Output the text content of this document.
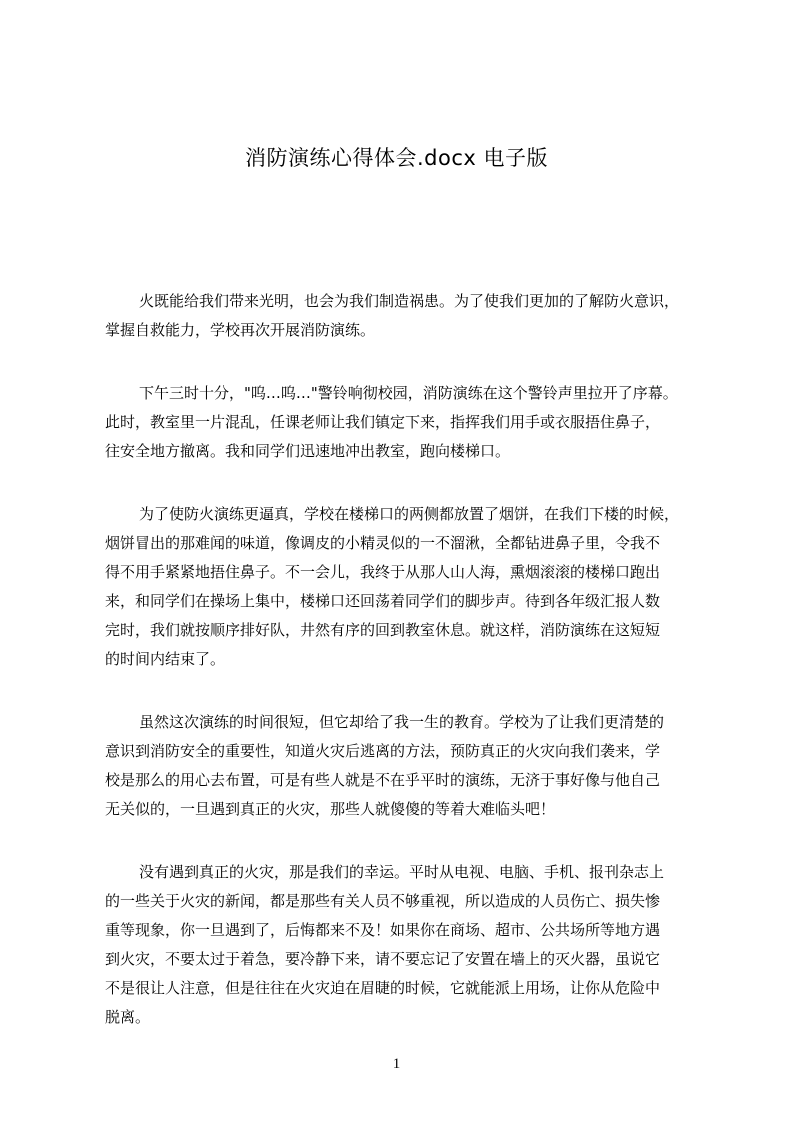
消防演练心得体会.docx 电子版

火既能给我们带来光明，也会为我们制造祸患。为了使我们更加的了解防火意识，
掌握自救能力，学校再次开展消防演练。

下午三时十分，"呜…呜…"警铃响彻校园，消防演练在这个警铃声里拉开了序幕。
此时，教室里一片混乱，任课老师让我们镇定下来，指挥我们用手或衣服捂住鼻子，
往安全地方撤离。我和同学们迅速地冲出教室，跑向楼梯口。

为了使防火演练更逼真，学校在楼梯口的两侧都放置了烟饼，在我们下楼的时候，
烟饼冒出的那难闻的味道，像调皮的小精灵似的一不溜湫，全都钻进鼻子里，令我不
得不用手紧紧地捂住鼻子。不一会儿，我终于从那人山人海，熏烟滚滚的楼梯口跑出
来，和同学们在操场上集中，楼梯口还回荡着同学们的脚步声。待到各年级汇报人数
完时，我们就按顺序排好队，井然有序的回到教室休息。就这样，消防演练在这短短
的时间内结束了。

虽然这次演练的时间很短，但它却给了我一生的教育。学校为了让我们更清楚的
意识到消防安全的重要性，知道火灾后逃离的方法，预防真正的火灾向我们袭来，学
校是那么的用心去布置，可是有些人就是不在乎平时的演练，无济于事好像与他自己
无关似的，一旦遇到真正的火灾，那些人就傻傻的等着大难临头吧！

没有遇到真正的火灾，那是我们的幸运。平时从电视、电脑、手机、报刊杂志上
的一些关于火灾的新闻，都是那些有关人员不够重视，所以造成的人员伤亡、损失惨
重等现象，你一旦遇到了，后悔都来不及！如果你在商场、超市、公共场所等地方遇
到火灾，不要太过于着急，要冷静下来，请不要忘记了安置在墙上的灭火器，虽说它
不是很让人注意，但是往往在火灾迫在眉睫的时候，它就能派上用场，让你从危险中
脱离。

1
